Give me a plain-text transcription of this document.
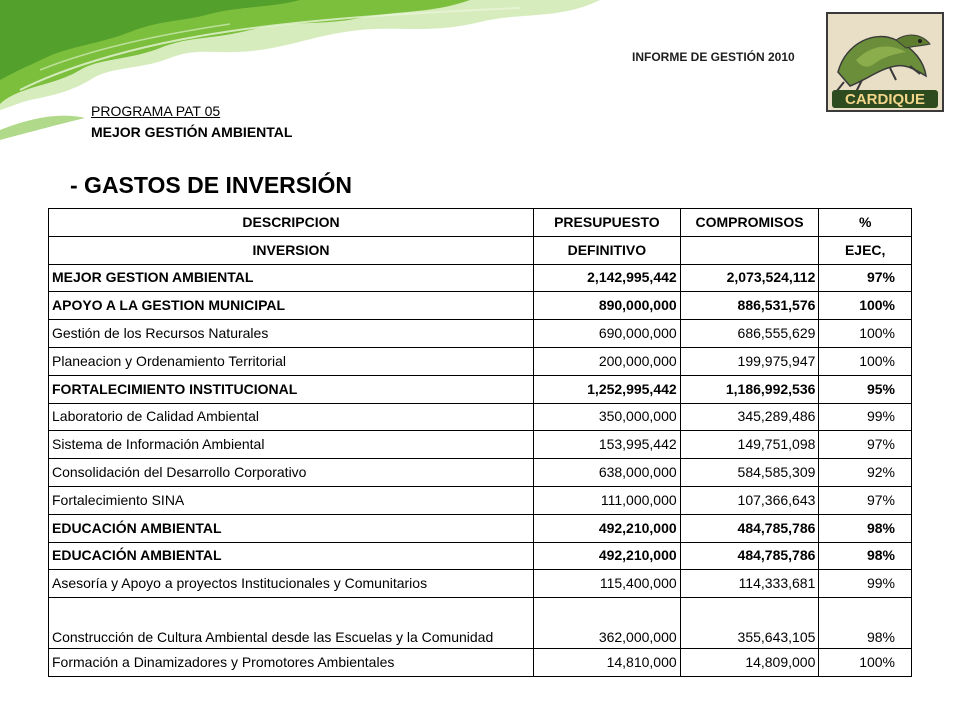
INFORME DE GESTIÓN 2010
CARDIQUE
PROGRAMA PAT 05
MEJOR GESTIÓN AMBIENTAL
- GASTOS DE INVERSIÓN
DESCRIPCION	PRESUPUESTO	COMPROMISOS	%
INVERSION	DEFINITIVO		EJEC,
MEJOR GESTION AMBIENTAL	2,142,995,442	2,073,524,112	97%
APOYO A LA GESTION MUNICIPAL	890,000,000	886,531,576	100%
Gestión de los Recursos Naturales	690,000,000	686,555,629	100%
Planeacion y Ordenamiento Territorial	200,000,000	199,975,947	100%
FORTALECIMIENTO INSTITUCIONAL	1,252,995,442	1,186,992,536	95%
Laboratorio de Calidad Ambiental	350,000,000	345,289,486	99%
Sistema de Información Ambiental	153,995,442	149,751,098	97%
Consolidación del Desarrollo Corporativo	638,000,000	584,585,309	92%
Fortalecimiento SINA	111,000,000	107,366,643	97%
EDUCACIÓN AMBIENTAL	492,210,000	484,785,786	98%
EDUCACIÓN AMBIENTAL	492,210,000	484,785,786	98%
Asesoría y Apoyo a proyectos Institucionales y Comunitarios	115,400,000	114,333,681	99%
Construcción de Cultura Ambiental desde las Escuelas y la Comunidad	362,000,000	355,643,105	98%
Formación a Dinamizadores y Promotores Ambientales	14,810,000	14,809,000	100%
